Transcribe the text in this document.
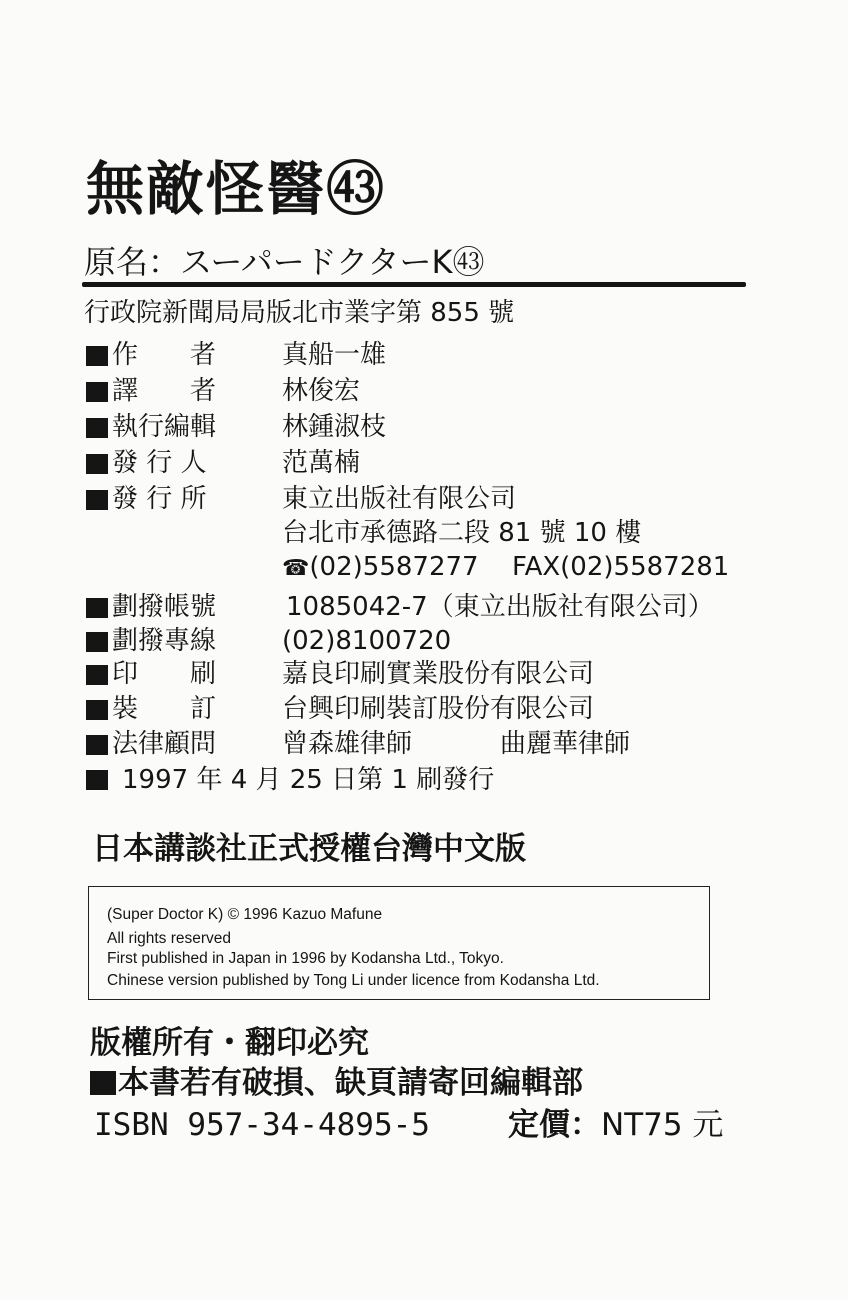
無敵怪醫㊸
原名：スーパードクターK㊸
行政院新聞局局版北市業字第 855 號
作　　者	真船一雄
譯　　者	林俊宏
執行編輯	林鍾淑枝
發 行 人	范萬楠
發 行 所	東立出版社有限公司
台北市承德路二段 81 號 10 樓
☎(02)5587277 FAX(02)5587281
劃撥帳號	1085042-7（東立出版社有限公司）
劃撥專線	(02)8100720
印　　刷	嘉良印刷實業股份有限公司
裝　　訂	台興印刷裝訂股份有限公司
法律顧問	曾森雄律師	曲麗華律師
1997 年 4 月 25 日第 1 刷發行
日本講談社正式授權台灣中文版
(Super Doctor K) © 1996 Kazuo Mafune
All rights reserved
First published in Japan in 1996 by Kodansha Ltd., Tokyo.
Chinese version published by Tong Li under licence from Kodansha Ltd.
版權所有・翻印必究
本書若有破損、缺頁請寄回編輯部
ISBN 957-34-4895-5	定價：NT75 元
